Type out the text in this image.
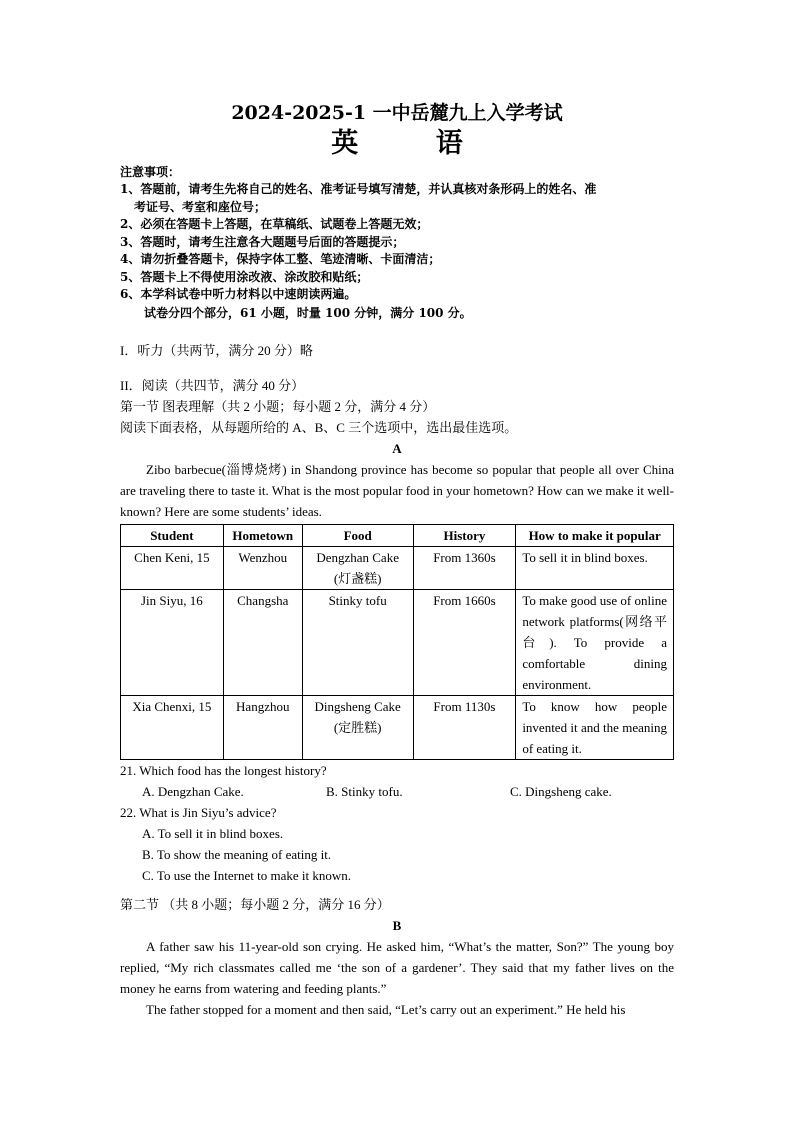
2024-2025-1 一中岳麓九上入学考试
英 语
注意事项：
1、答题前，请考生先将自己的姓名、准考证号填写清楚，并认真核对条形码上的姓名、准
考证号、考室和座位号；
2、必须在答题卡上答题，在草稿纸、试题卷上答题无效；
3、答题时，请考生注意各大题题号后面的答题提示；
4、请勿折叠答题卡，保持字体工整、笔迹清晰、卡面清洁；
5、答题卡上不得使用涂改液、涂改胶和贴纸；
6、本学科试卷中听力材料以中速朗读两遍。
试卷分四个部分，61 小题，时量 100 分钟，满分 100 分。
I．听力（共两节，满分 20 分）略
II．阅读（共四节，满分 40 分）
第一节 图表理解（共 2 小题；每小题 2 分，满分 4 分）
阅读下面表格，从每题所给的 A、B、C 三个选项中，选出最佳选项。
A
Zibo barbecue(淄博烧烤) in Shandong province has become so popular that people all over China are traveling there to taste it. What is the most popular food in your hometown? How can we make it well-known? Here are some students’ ideas.
Student	Hometown	Food	History	How to make it popular
Chen Keni, 15	Wenzhou	Dengzhan Cake (灯盏糕)	From 1360s	To sell it in blind boxes.
Jin Siyu, 16	Changsha	Stinky tofu	From 1660s	To make good use of online network platforms(网络平台). To provide a comfortable dining environment.
Xia Chenxi, 15	Hangzhou	Dingsheng Cake (定胜糕)	From 1130s	To know how people invented it and the meaning of eating it.
21. Which food has the longest history?
A. Dengzhan Cake.	B. Stinky tofu.	C. Dingsheng cake.
22. What is Jin Siyu’s advice?
A. To sell it in blind boxes.
B. To show the meaning of eating it.
C. To use the Internet to make it known.
第二节 （共 8 小题；每小题 2 分，满分 16 分）
B
A father saw his 11-year-old son crying. He asked him, “What’s the matter, Son?” The young boy replied, “My rich classmates called me ‘the son of a gardener’. They said that my father lives on the money he earns from watering and feeding plants.”
The father stopped for a moment and then said, “Let’s carry out an experiment.” He held his
